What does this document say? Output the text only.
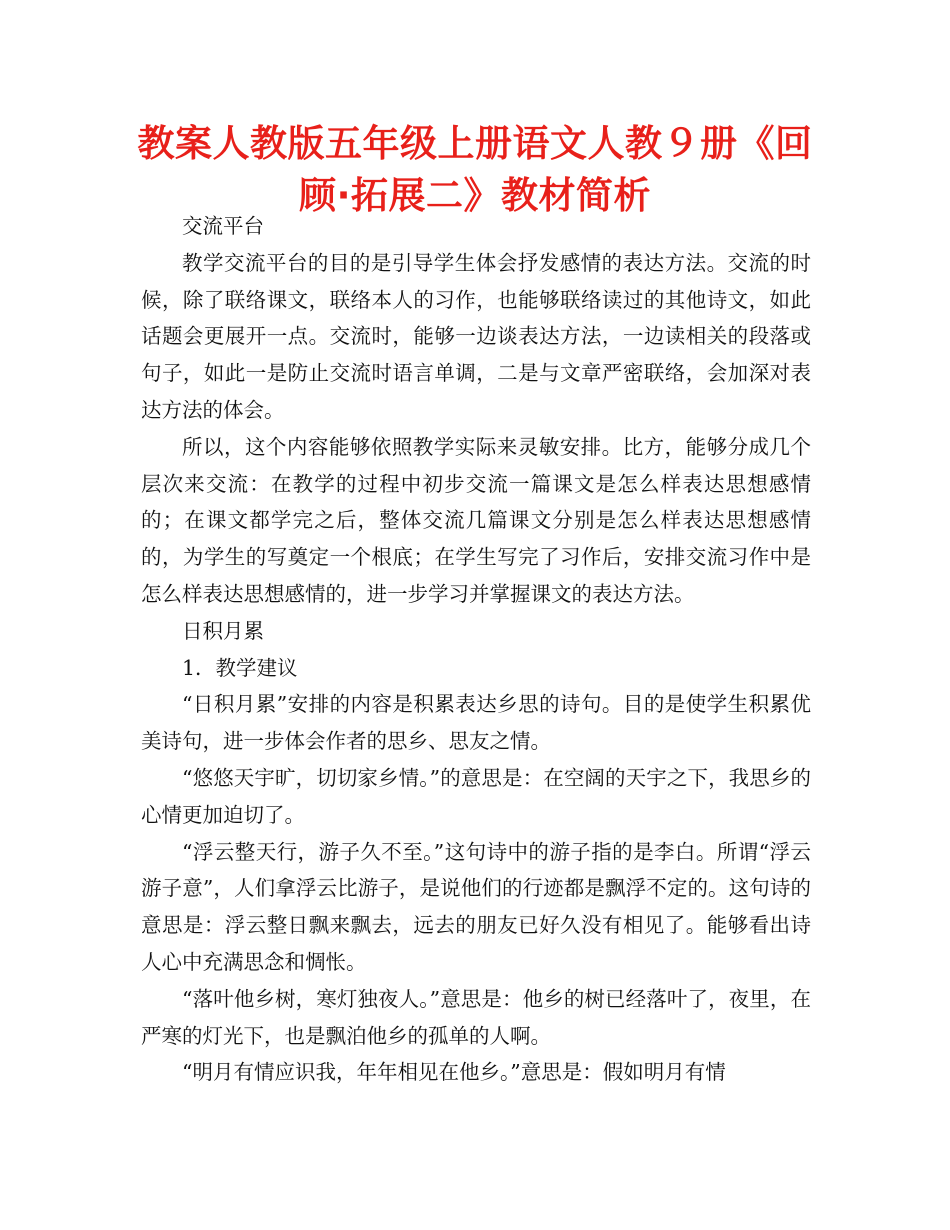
教案人教版五年级上册语文人教９册《回顾·拓展二》教材简析

交流平台

教学交流平台的目的是引导学生体会抒发感情的表达方法。交流的时候，除了联络课文，联络本人的习作，也能够联络读过的其他诗文，如此话题会更展开一点。交流时，能够一边谈表达方法，一边读相关的段落或句子，如此一是防止交流时语言单调，二是与文章严密联络，会加深对表达方法的体会。

所以，这个内容能够依照教学实际来灵敏安排。比方，能够分成几个层次来交流：在教学的过程中初步交流一篇课文是怎么样表达思想感情的；在课文都学完之后，整体交流几篇课文分别是怎么样表达思想感情的，为学生的写奠定一个根底；在学生写完了习作后，安排交流习作中是怎么样表达思想感情的，进一步学习并掌握课文的表达方法。

日积月累

1．教学建议

“日积月累”安排的内容是积累表达乡思的诗句。目的是使学生积累优美诗句，进一步体会作者的思乡、思友之情。

“悠悠天宇旷，切切家乡情。”的意思是：在空阔的天宇之下，我思乡的心情更加迫切了。

“浮云整天行，游子久不至。”这句诗中的游子指的是李白。所谓“浮云游子意”，人们拿浮云比游子，是说他们的行迹都是飘浮不定的。这句诗的意思是：浮云整日飘来飘去，远去的朋友已好久没有相见了。能够看出诗人心中充满思念和惆怅。

“落叶他乡树，寒灯独夜人。”意思是：他乡的树已经落叶了，夜里，在严寒的灯光下，也是飘泊他乡的孤单的人啊。

“明月有情应识我，年年相见在他乡。”意思是：假如明月有情
